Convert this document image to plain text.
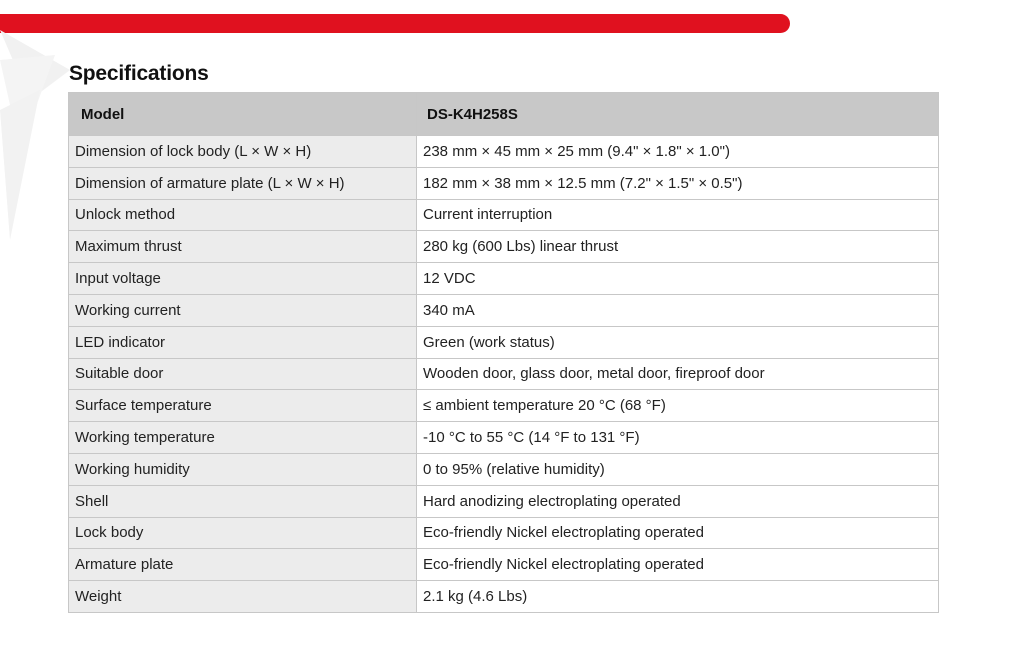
Specifications
Model	DS-K4H258S
Dimension of lock body (L × W × H)	238 mm × 45 mm × 25 mm (9.4" × 1.8" × 1.0")
Dimension of armature plate (L × W × H)	182 mm × 38 mm × 12.5 mm (7.2" × 1.5" × 0.5")
Unlock method	Current interruption
Maximum thrust	280 kg (600 Lbs) linear thrust
Input voltage	12 VDC
Working current	340 mA
LED indicator	Green (work status)
Suitable door	Wooden door, glass door, metal door, fireproof door
Surface temperature	≤ ambient temperature 20 °C (68 °F)
Working temperature	-10 °C to 55 °C (14 °F to 131 °F)
Working humidity	0 to 95% (relative humidity)
Shell	Hard anodizing electroplating operated
Lock body	Eco-friendly Nickel electroplating operated
Armature plate	Eco-friendly Nickel electroplating operated
Weight	2.1 kg (4.6 Lbs)
